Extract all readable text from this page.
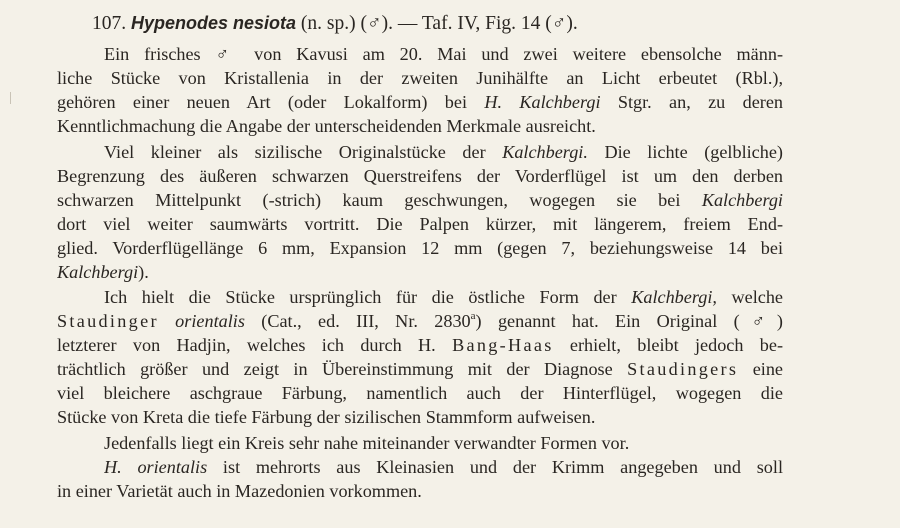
107. Hypenodes nesiota (n. sp.) (♂). — Taf. IV, Fig. 14 (♂).
Ein frisches ♂ von Kavusi am 20. Mai und zwei weitere ebensolche männ-
liche Stücke von Kristallenia in der zweiten Junihälfte an Licht erbeutet (Rbl.),
gehören einer neuen Art (oder Lokalform) bei H. Kalchbergi Stgr. an, zu deren
Kenntlichmachung die Angabe der unterscheidenden Merkmale ausreicht.
Viel kleiner als sizilische Originalstücke der Kalchbergi. Die lichte (gelbliche)
Begrenzung des äußeren schwarzen Querstreifens der Vorderflügel ist um den derben
schwarzen Mittelpunkt (-strich) kaum geschwungen, wogegen sie bei Kalchbergi
dort viel weiter saumwärts vortritt. Die Palpen kürzer, mit längerem, freiem End-
glied. Vorderflügellänge 6 mm, Expansion 12 mm (gegen 7, beziehungsweise 14 bei
Kalchbergi).
Ich hielt die Stücke ursprünglich für die östliche Form der Kalchbergi, welche
Staudinger orientalis (Cat., ed. III, Nr. 2830$^a$) genannt hat. Ein Original (♂)
letzterer von Hadjin, welches ich durch H. Bang-Haas erhielt, bleibt jedoch be-
trächtlich größer und zeigt in Übereinstimmung mit der Diagnose Staudingers eine
viel bleichere aschgraue Färbung, namentlich auch der Hinterflügel, wogegen die
Stücke von Kreta die tiefe Färbung der sizilischen Stammform aufweisen.
Jedenfalls liegt ein Kreis sehr nahe miteinander verwandter Formen vor.
H. orientalis ist mehrorts aus Kleinasien und der Krimm angegeben und soll
in einer Varietät auch in Mazedonien vorkommen.
